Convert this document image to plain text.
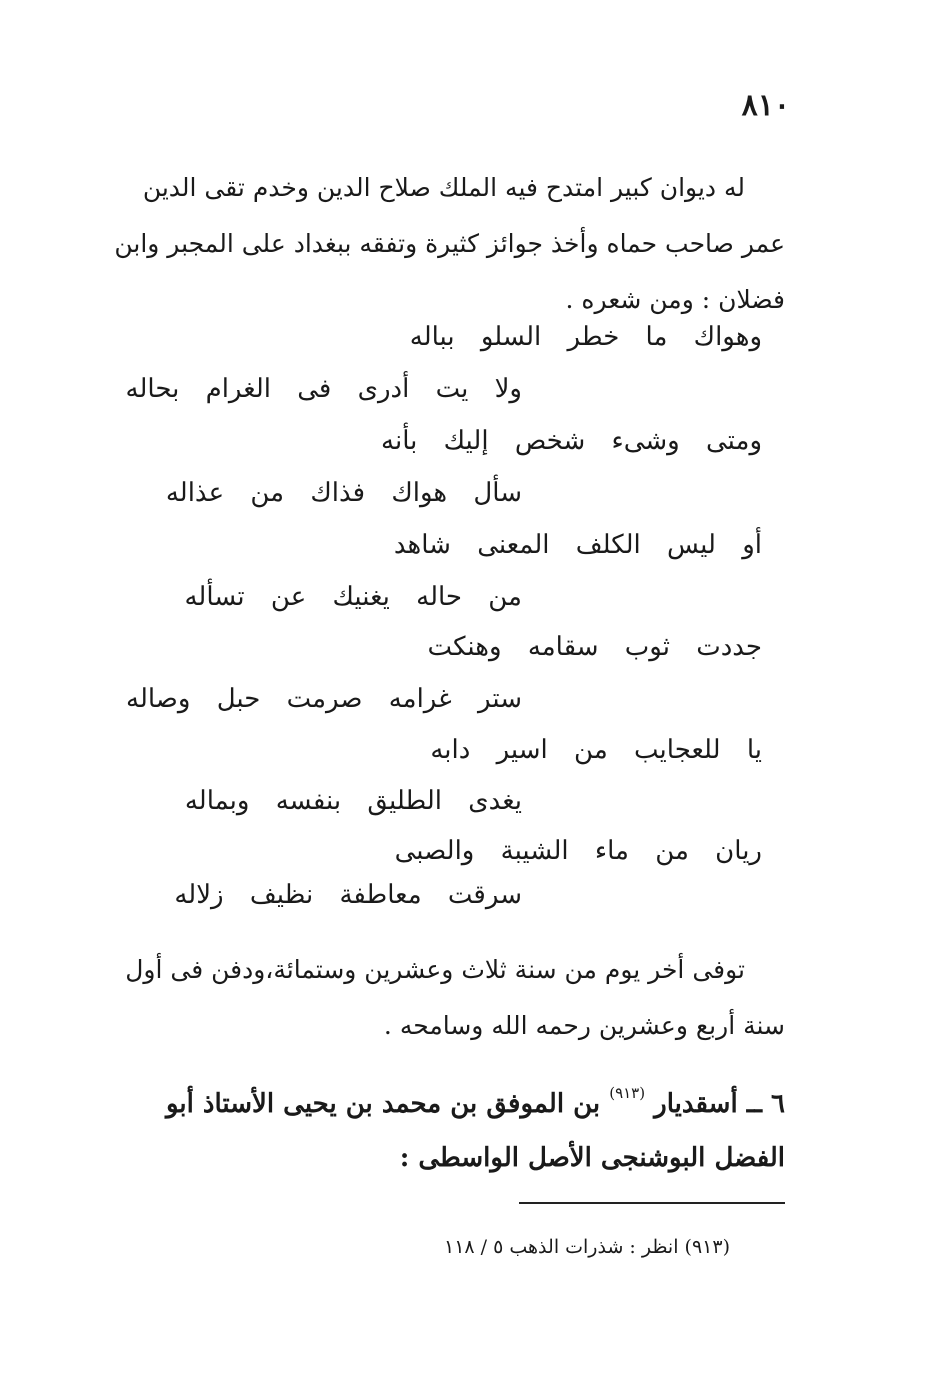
٨١٠
له ديوان كبير امتدح فيه الملك صلاح الدين وخدم تقى الدين
عمر صاحب حماه وأخذ جوائز كثيرة وتفقه ببغداد على المجبر وابن
فضلان : ومن شعره .
وهواك ما خطر السلو بباله
ولا يت أدرى فى الغرام بحاله
ومتى وشىء شخص إليك بأنه
سأل هواك فذاك من عذاله
أو ليس الكلف المعنى شاهد
من حاله يغنيك عن تسأله
جددت ثوب سقامه وهنكت
ستر غرامه صرمت حبل وصاله
يا للعجايب من اسير دابه
يغدى الطليق بنفسه وبماله
ريان من ماء الشيبة والصبى
سرقت معاطفة نظيف زلاله
توفى أخر يوم من سنة ثلاث وعشرين وستمائة،ودفن فى أول
سنة أربع وعشرين رحمه الله وسامحه .
٦ ــ أسقديار $^{(٩١٣)}$ بن الموفق بن محمد بن يحيى الأستاذ أبو
الفضل البوشنجى الأصل الواسطى :
(٩١٣) انظر : شذرات الذهب ٥ / ١١٨
